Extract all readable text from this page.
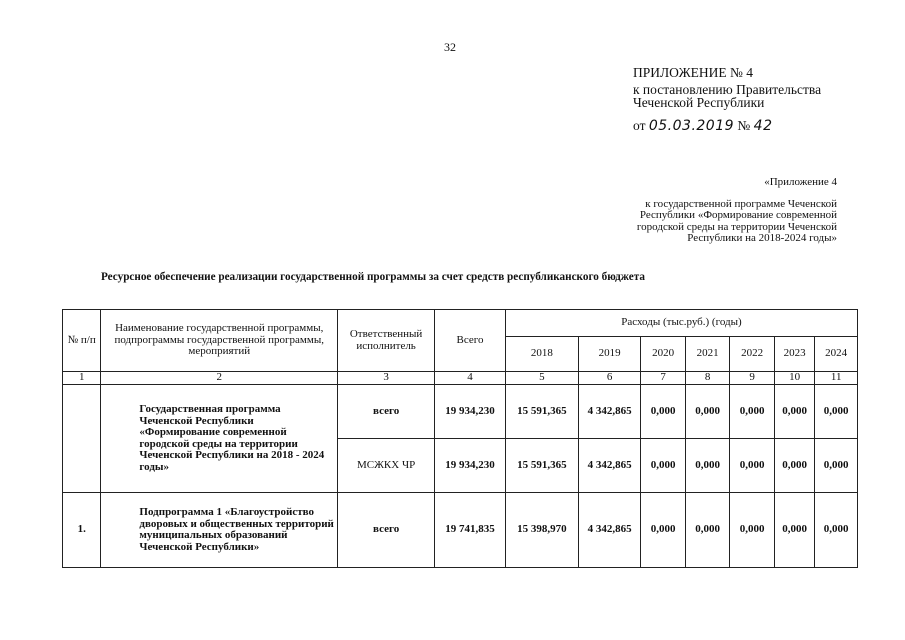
32
ПРИЛОЖЕНИЕ № 4
к постановлению Правительства
Чеченской Республики
от 05.03.2019 № 42
«Приложение 4
к государственной программе Чеченской
Республики «Формирование современной
городской среды на территории Чеченской
Республики на 2018-2024 годы»
Ресурсное обеспечение реализации государственной программы за счет средств республиканского бюджета
№ п/п	Наименование государственной программы, подпрограммы государственной программы, мероприятий	Ответственный исполнитель	Всего	Расходы (тыс.руб.) (годы)						
				2018	2019	2020	2021	2022	2023	2024
1	2	3	4	5	6	7	8	9	10	11
	Государственная программа Чеченской Республики «Формирование современной городской среды на территории Чеченской Республики на 2018 - 2024 годы»	всего	19 934,230	15 591,365	4 342,865	0,000	0,000	0,000	0,000	0,000
		МСЖКХ ЧР	19 934,230	15 591,365	4 342,865	0,000	0,000	0,000	0,000	0,000
1.	Подпрограмма 1 «Благоустройство дворовых и общественных территорий муниципальных образований Чеченской Республики»	всего	19 741,835	15 398,970	4 342,865	0,000	0,000	0,000	0,000	0,000
